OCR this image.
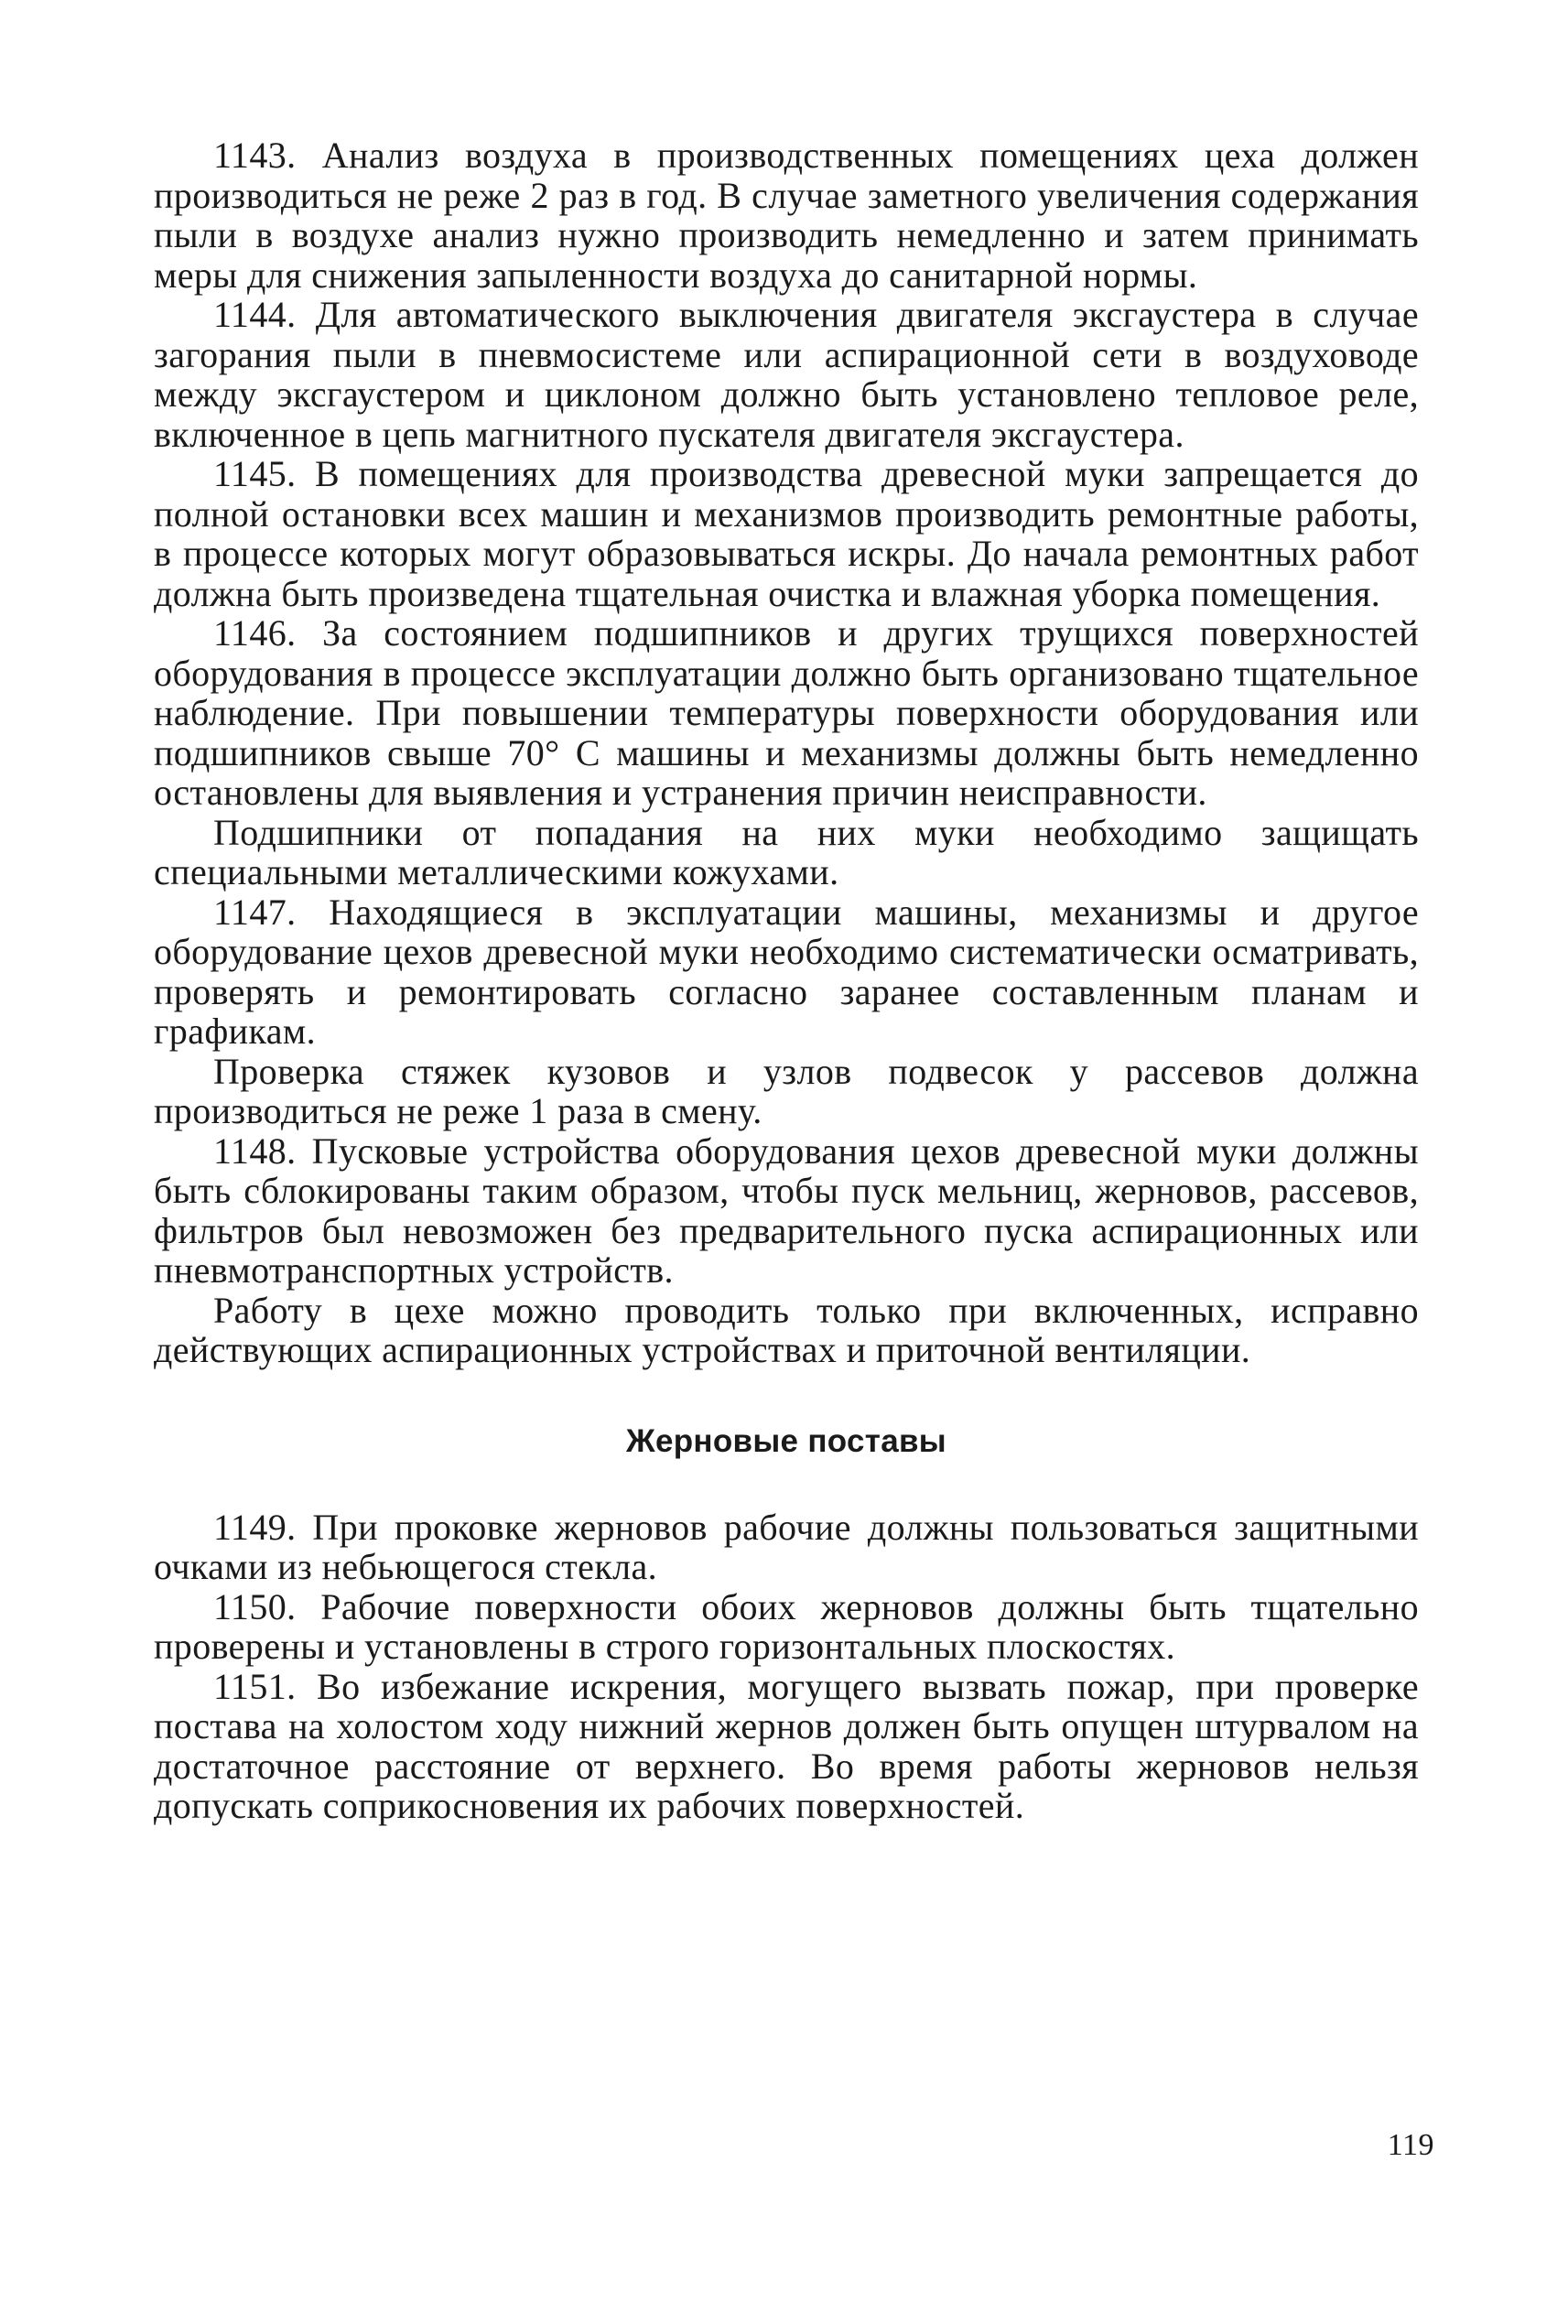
1143. Анализ воздуха в производственных помещениях цеха должен производиться не реже 2 раз в год. В случае заметного увеличения содержания пыли в воздухе анализ нужно производить немедленно и затем принимать меры для снижения запыленности воздуха до санитарной нормы.

1144. Для автоматического выключения двигателя эксгаустера в случае загорания пыли в пневмосистеме или аспирационной сети в воздуховоде между эксгаустером и циклоном должно быть установлено тепловое реле, включенное в цепь магнитного пускателя двигателя эксгаустера.

1145. В помещениях для производства древесной муки запрещается до полной остановки всех машин и механизмов производить ремонтные работы, в процессе которых могут образовываться искры. До начала ремонтных работ должна быть произведена тщательная очистка и влажная уборка помещения.

1146. За состоянием подшипников и других трущихся поверхностей оборудования в процессе эксплуатации должно быть организовано тщательное наблюдение. При повышении температуры поверхности оборудования или подшипников свыше 70° С машины и механизмы должны быть немедленно остановлены для выявления и устранения причин неисправности.

Подшипники от попадания на них муки необходимо защищать специальными металлическими кожухами.

1147. Находящиеся в эксплуатации машины, механизмы и другое оборудование цехов древесной муки необходимо систематически осматривать, проверять и ремонтировать согласно заранее составленным планам и графикам.

Проверка стяжек кузовов и узлов подвесок у рассевов должна производиться не реже 1 раза в смену.

1148. Пусковые устройства оборудования цехов древесной муки должны быть сблокированы таким образом, чтобы пуск мельниц, жерновов, рассевов, фильтров был невозможен без предварительного пуска аспирационных или пневмотранспортных устройств.

Работу в цехе можно проводить только при включенных, исправно действующих аспирационных устройствах и приточной вентиляции.

Жерновые поставы

1149. При проковке жерновов рабочие должны пользоваться защитными очками из небьющегося стекла.

1150. Рабочие поверхности обоих жерновов должны быть тщательно проверены и установлены в строго горизонтальных плоскостях.

1151. Во избежание искрения, могущего вызвать пожар, при проверке постава на холостом ходу нижний жернов должен быть опущен штурвалом на достаточное расстояние от верхнего. Во время работы жерновов нельзя допускать соприкосновения их рабочих поверхностей.

119
